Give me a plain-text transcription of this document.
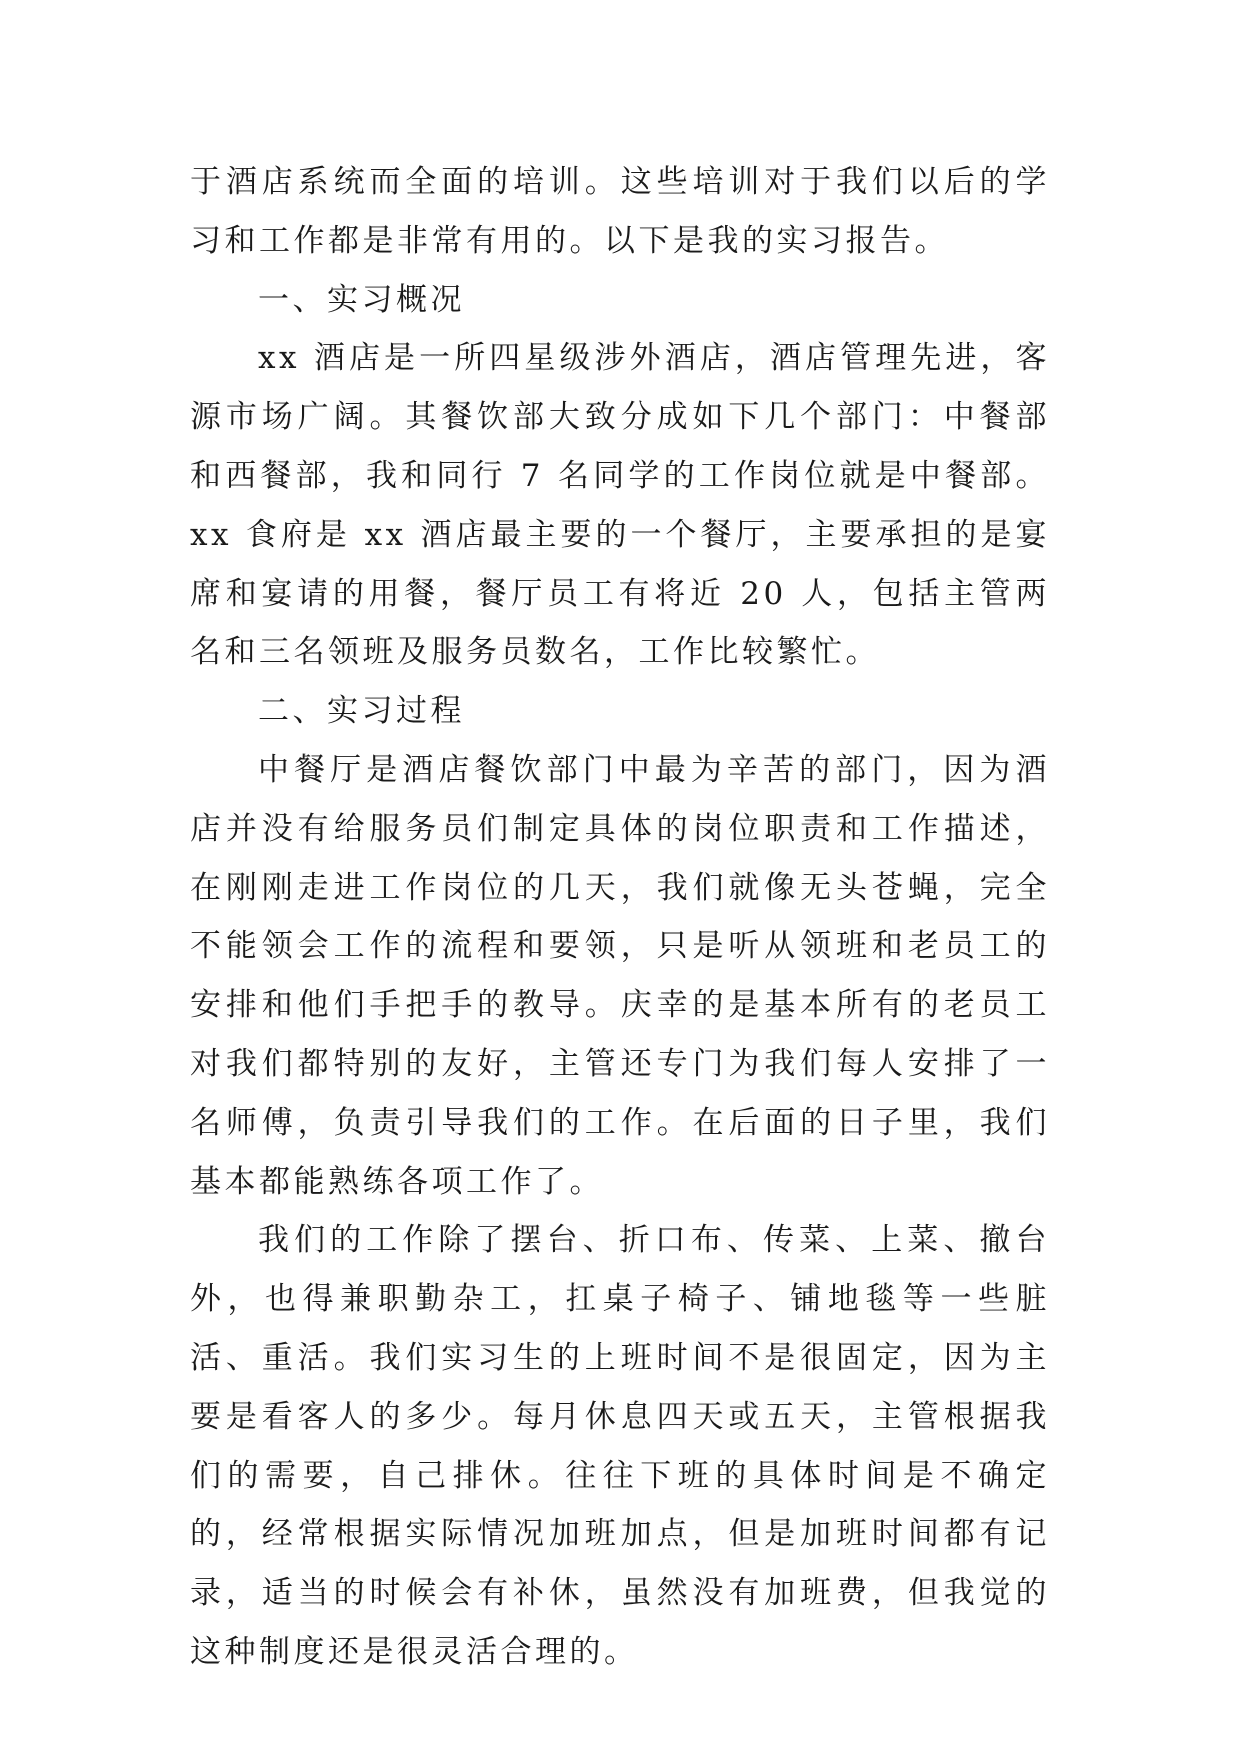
于酒店系统而全面的培训。这些培训对于我们以后的学习和工作都是非常有用的。以下是我的实习报告。

一、实习概况

xx 酒店是一所四星级涉外酒店，酒店管理先进，客源市场广阔。其餐饮部大致分成如下几个部门：中餐部和西餐部，我和同行 7 名同学的工作岗位就是中餐部。xx 食府是 xx 酒店最主要的一个餐厅，主要承担的是宴席和宴请的用餐，餐厅员工有将近 20 人，包括主管两名和三名领班及服务员数名，工作比较繁忙。

二、实习过程

中餐厅是酒店餐饮部门中最为辛苦的部门，因为酒店并没有给服务员们制定具体的岗位职责和工作描述，在刚刚走进工作岗位的几天，我们就像无头苍蝇，完全不能领会工作的流程和要领，只是听从领班和老员工的安排和他们手把手的教导。庆幸的是基本所有的老员工对我们都特别的友好，主管还专门为我们每人安排了一名师傅，负责引导我们的工作。在后面的日子里，我们基本都能熟练各项工作了。

我们的工作除了摆台、折口布、传菜、上菜、撤台外，也得兼职勤杂工，扛桌子椅子、铺地毯等一些脏活、重活。我们实习生的上班时间不是很固定，因为主要是看客人的多少。每月休息四天或五天，主管根据我们的需要，自己排休。往往下班的具体时间是不确定的，经常根据实际情况加班加点，但是加班时间都有记录，适当的时候会有补休，虽然没有加班费，但我觉的这种制度还是很灵活合理的。
